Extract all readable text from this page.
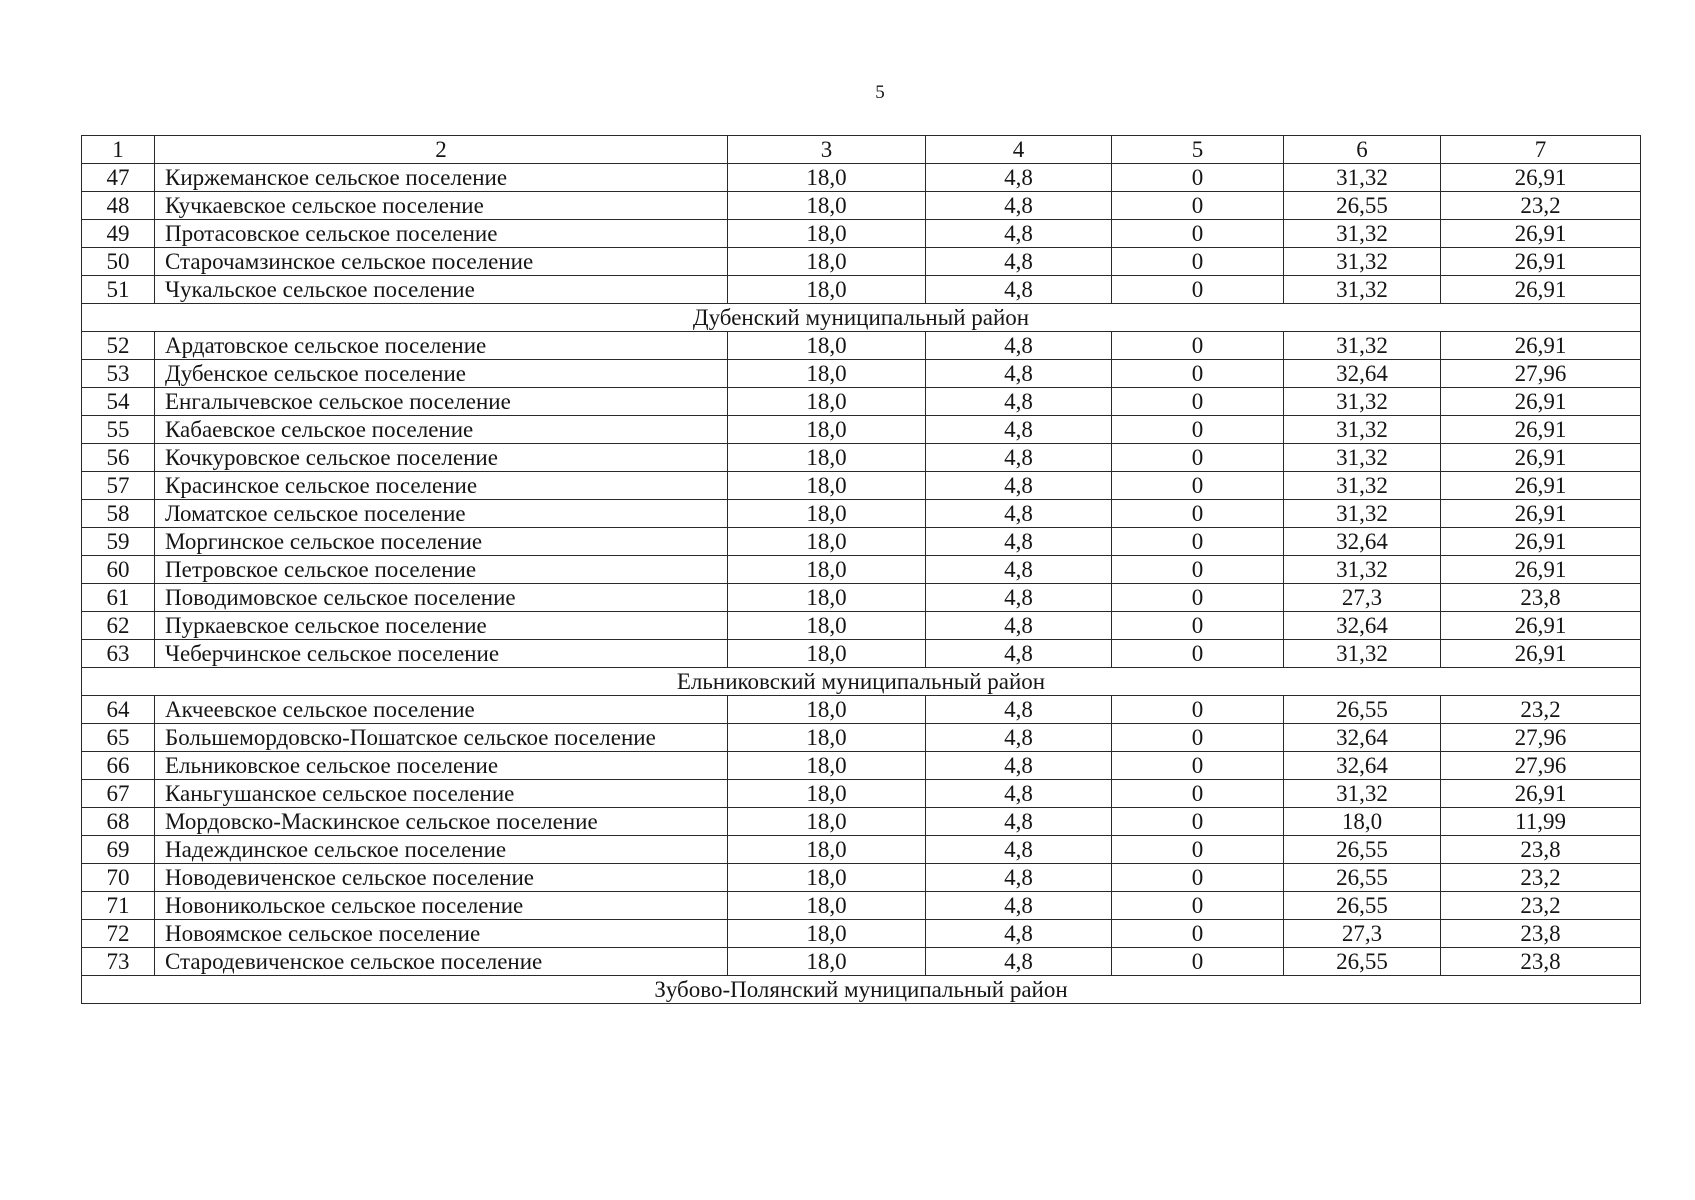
5
1	2	3	4	5	6	7
47	Киржеманское сельское поселение	18,0	4,8	0	31,32	26,91
48	Кучкаевское сельское поселение	18,0	4,8	0	26,55	23,2
49	Протасовское сельское поселение	18,0	4,8	0	31,32	26,91
50	Старочамзинское сельское поселение	18,0	4,8	0	31,32	26,91
51	Чукальское сельское поселение	18,0	4,8	0	31,32	26,91
Дубенский муниципальный район						
52	Ардатовское сельское поселение	18,0	4,8	0	31,32	26,91
53	Дубенское сельское поселение	18,0	4,8	0	32,64	27,96
54	Енгалычевское сельское поселение	18,0	4,8	0	31,32	26,91
55	Кабаевское сельское поселение	18,0	4,8	0	31,32	26,91
56	Кочкуровское сельское поселение	18,0	4,8	0	31,32	26,91
57	Красинское сельское поселение	18,0	4,8	0	31,32	26,91
58	Ломатское сельское поселение	18,0	4,8	0	31,32	26,91
59	Моргинское сельское поселение	18,0	4,8	0	32,64	26,91
60	Петровское сельское поселение	18,0	4,8	0	31,32	26,91
61	Поводимовское сельское поселение	18,0	4,8	0	27,3	23,8
62	Пуркаевское сельское поселение	18,0	4,8	0	32,64	26,91
63	Чеберчинское сельское поселение	18,0	4,8	0	31,32	26,91
Ельниковский муниципальный район						
64	Акчеевское сельское поселение	18,0	4,8	0	26,55	23,2
65	Большемордовско-Пошатское сельское поселение	18,0	4,8	0	32,64	27,96
66	Ельниковское сельское поселение	18,0	4,8	0	32,64	27,96
67	Каньгушанское сельское поселение	18,0	4,8	0	31,32	26,91
68	Мордовско-Маскинское сельское поселение	18,0	4,8	0	18,0	11,99
69	Надеждинское сельское поселение	18,0	4,8	0	26,55	23,8
70	Новодевиченское сельское поселение	18,0	4,8	0	26,55	23,2
71	Новоникольское сельское поселение	18,0	4,8	0	26,55	23,2
72	Новоямское сельское поселение	18,0	4,8	0	27,3	23,8
73	Стародевиченское сельское поселение	18,0	4,8	0	26,55	23,8
Зубово-Полянский муниципальный район						
